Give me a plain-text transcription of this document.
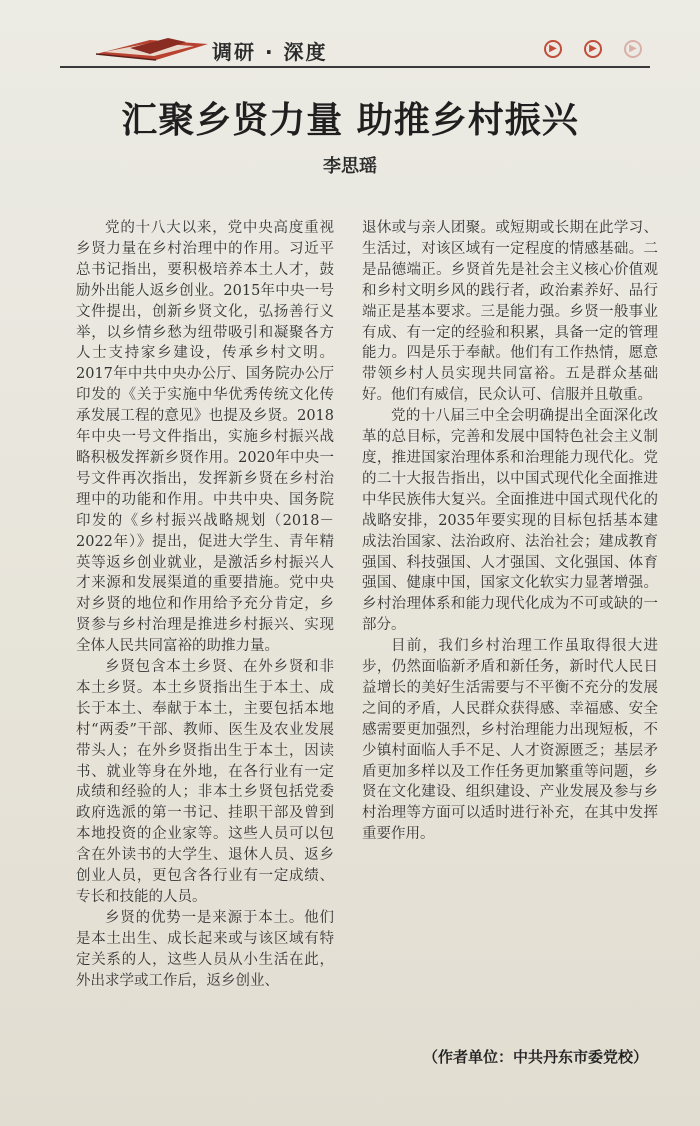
调研 · 深度	▶	▶	▶
汇聚乡贤力量 助推乡村振兴
李思瑶

党的十八大以来，党中央高度重视乡贤力量在乡村治理中的作用。习近平总书记指出，要积极培养本土人才，鼓励外出能人返乡创业。2015年中央一号文件提出，创新乡贤文化，弘扬善行义举，以乡情乡愁为纽带吸引和凝聚各方人士支持家乡建设，传承乡村文明。2017年中共中央办公厅、国务院办公厅印发的《关于实施中华优秀传统文化传承发展工程的意见》也提及乡贤。2018年中央一号文件指出，实施乡村振兴战略积极发挥新乡贤作用。2020年中央一号文件再次指出，发挥新乡贤在乡村治理中的功能和作用。中共中央、国务院印发的《乡村振兴战略规划（2018－2022年）》提出，促进大学生、青年精英等返乡创业就业，是激活乡村振兴人才来源和发展渠道的重要措施。党中央对乡贤的地位和作用给予充分肯定，乡贤参与乡村治理是推进乡村振兴、实现全体人民共同富裕的助推力量。

乡贤包含本土乡贤、在外乡贤和非本土乡贤。本土乡贤指出生于本土、成长于本土、奉献于本土，主要包括本地村“两委”干部、教师、医生及农业发展带头人；在外乡贤指出生于本土，因读书、就业等身在外地，在各行业有一定成绩和经验的人；非本土乡贤包括党委政府选派的第一书记、挂职干部及曾到本地投资的企业家等。这些人员可以包含在外读书的大学生、退休人员、返乡创业人员，更包含各行业有一定成绩、专长和技能的人员。

乡贤的优势一是来源于本土。他们是本土出生、成长起来或与该区域有特定关系的人，这些人员从小生活在此，外出求学或工作后，返乡创业、

退休或与亲人团聚。或短期或长期在此学习、生活过，对该区域有一定程度的情感基础。二是品德端正。乡贤首先是社会主义核心价值观和乡村文明乡风的践行者，政治素养好、品行端正是基本要求。三是能力强。乡贤一般事业有成、有一定的经验和积累，具备一定的管理能力。四是乐于奉献。他们有工作热情，愿意带领乡村人员实现共同富裕。五是群众基础好。他们有威信，民众认可、信服并且敬重。

党的十八届三中全会明确提出全面深化改革的总目标，完善和发展中国特色社会主义制度，推进国家治理体系和治理能力现代化。党的二十大报告指出，以中国式现代化全面推进中华民族伟大复兴。全面推进中国式现代化的战略安排，2035年要实现的目标包括基本建成法治国家、法治政府、法治社会；建成教育强国、科技强国、人才强国、文化强国、体育强国、健康中国，国家文化软实力显著增强。乡村治理体系和能力现代化成为不可或缺的一部分。

目前，我们乡村治理工作虽取得很大进步，仍然面临新矛盾和新任务，新时代人民日益增长的美好生活需要与不平衡不充分的发展之间的矛盾，人民群众获得感、幸福感、安全感需要更加强烈，乡村治理能力出现短板，不少镇村面临人手不足、人才资源匮乏；基层矛盾更加多样以及工作任务更加繁重等问题，乡贤在文化建设、组织建设、产业发展及参与乡村治理等方面可以适时进行补充，在其中发挥重要作用。

（作者单位：中共丹东市委党校）
